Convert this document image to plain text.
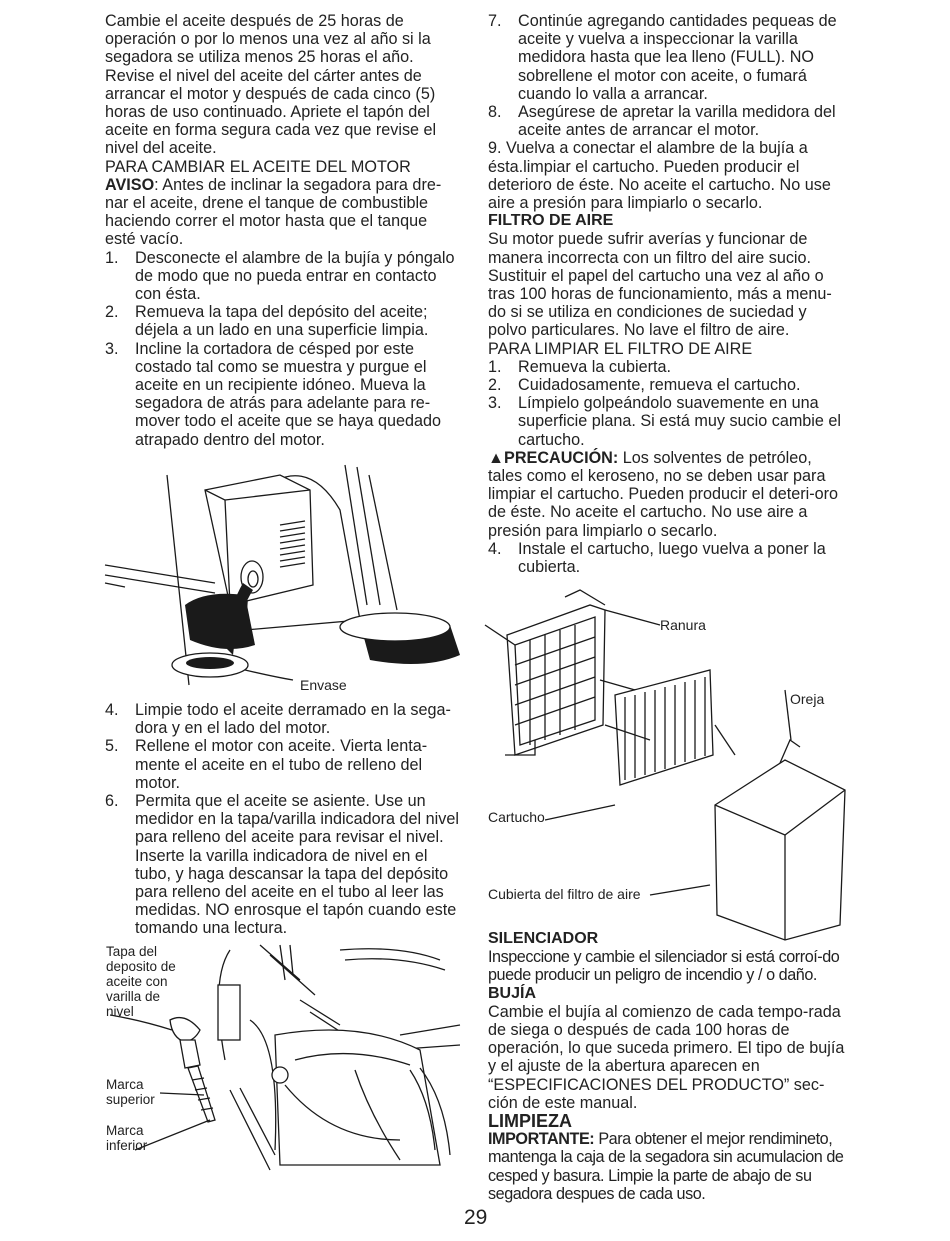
Cambie el aceite después de 25 horas de operación o por lo menos una vez al año si la segadora se utiliza menos 25 horas el año. Revise el nivel del aceite del cárter antes de arrancar el motor y después de cada cinco (5) horas de uso continuado. Apriete el tapón del aceite en forma segura cada vez que revise el nivel del aceite.

PARA CAMBIAR EL ACEITE DEL MOTOR

AVISO: Antes de inclinar la segadora para dre-nar el aceite, drene el tanque de combustible haciendo correr el motor hasta que el tanque esté vacío.

1. Desconecte el alambre de la bujía y póngalo de modo que no pueda entrar en contacto con ésta.
2. Remueva la tapa del depósito del aceite; déjela a un lado en una superficie limpia.
3. Incline la cortadora de césped por este costado tal como se muestra y purgue el aceite en un recipiente idóneo. Mueva la segadora de atrás para adelante para re-mover todo el aceite que se haya quedado atrapado dentro del motor.
Envase
4. Limpie todo el aceite derramado en la sega-dora y en el lado del motor.
5. Rellene el motor con aceite. Vierta lenta-mente el aceite en el tubo de relleno del motor.
6. Permita que el aceite se asiente. Use un medidor en la tapa/varilla indicadora del nivel para relleno del aceite para revisar el nivel. Inserte la varilla indicadora de nivel en el tubo, y haga descansar la tapa del depósito para relleno del aceite en el tubo al leer las medidas. NO enrosque el tapón cuando este tomando una lectura.
Tapa del
deposito de
aceite con
varilla de
nivel
Marca
superior
Marca
inferior
7. Continúe agregando cantidades pequeas de aceite y vuelva a inspeccionar la varilla medidora hasta que lea lleno (FULL). NO sobrellene el motor con aceite, o fumará cuando lo valla a arrancar.
8. Asegúrese de apretar la varilla medidora del aceite antes de arrancar el motor.

9. Vuelva a conectar el alambre de la bujía a ésta.limpiar el cartucho. Pueden producir el deterioro de éste. No aceite el cartucho. No use aire a presión para limpiarlo o secarlo.

FILTRO DE AIRE

Su motor puede sufrir averías y funcionar de manera incorrecta con un filtro del aire sucio. Sustituir el papel del cartucho una vez al año o tras 100 horas de funcionamiento, más a menu-do si se utiliza en condiciones de suciedad y polvo particulares. No lave el filtro de aire.

PARA LIMPIAR EL FILTRO DE AIRE

1. Remueva la cubierta.
2. Cuidadosamente, remueva el cartucho.
3. Límpielo golpeándolo suavemente en una superficie plana. Si está muy sucio cambie el cartucho.

▲PRECAUCIÓN: Los solventes de petróleo, tales como el keroseno, no se deben usar para limpiar el cartucho. Pueden producir el deteri-oro de éste. No aceite el cartucho. No use aire a presión para limpiarlo o secarlo.

4. Instale el cartucho, luego vuelva a poner la cubierta.
Ranura
Oreja
Cartucho
Cubierta del filtro de aire

SILENCIADOR

Inspeccione y cambie el silenciador si está corroí-do puede producir un peligro de incendio y / o daño.

BUJÍA

Cambie el bujía al comienzo de cada tempo-rada de siega o después de cada 100 horas de operación, lo que suceda primero. El tipo de bujía y el ajuste de la abertura aparecen en “ESPECIFICACIONES DEL PRODUCTO” sec-ción de este manual.

LIMPIEZA

IMPORTANTE: Para obtener el mejor rendimineto, mantenga la caja de la segadora sin acumulacion de cesped y basura. Limpie la parte de abajo de su segadora despues de cada uso.

29
